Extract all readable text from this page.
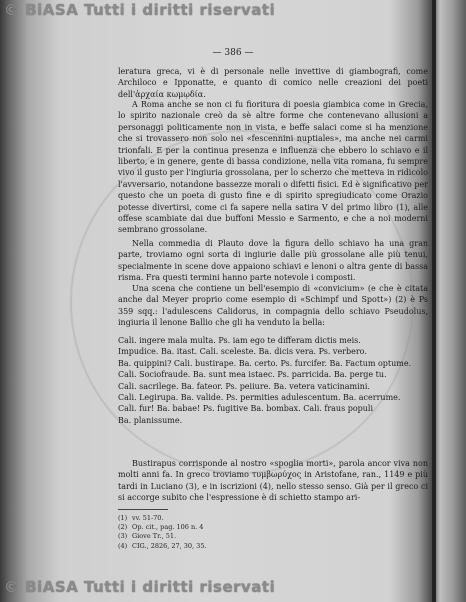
© BiASA Tutti i diritti riservati
— 386 —

leratura greca, vi è di personale nelle invettive di giambografi, come Archiloco e Ipponatte, e quanto di comico nelle creazioni dei poeti dell'ἀρχαία κωμῳδία.

A Roma anche se non ci fu fioritura di poesia giambica come in Grecia, lo spirito nazionale creò da sè altre forme che contenevano allusioni a personaggi politicamente non in vista, e beffe salaci come si ha menzione che si trovassero non solo nei «fescennini nuptiales», ma anche nei carmi trionfali. E per la continua presenza e influenza che ebbero lo schiavo e il liberto, e in genere, gente di bassa condizione, nella vita romana, fu sempre vivo il gusto per l'ingiuria grossolana, per lo scherzo che metteva in ridicolo l'avversario, notandone bassezze morali o difetti fisici. Ed è significativo per questo che un poeta di gusto fine e di spirito spregiudicato come Orazio potesse divertirsi, come ci fa sapere nella satira V del primo libro (1), alle offese scambiate dai due buffoni Messio e Sarmento, e che a noi moderni sembrano grossolane.

Nella commedia di Plauto dove la figura dello schiavo ha una gran parte, troviamo ogni sorta di ingiurie dalle più grossolane alle più tenui, specialmente in scene dove appaiono schiavi e lenoni o altra gente di bassa risma. Fra questi termini hanno parte notevole i composti.

Una scena che contiene un bell'esempio di «convicium» (e che è citata anche dal Meyer proprio come esempio di «Schimpf und Spott») (2) è Ps 359 sqq.: l'adulescens Calidorus, in compagnia dello schiavo Pseudolus, ingiuria il lenone Ballio che gli ha venduto la bella:

Cali. ingere mala multa. Ps. iam ego te differam dictis meis.
Impudice. Ba. itast. Cali. sceleste. Ba. dicis vera. Ps. verbero.
Ba. quippini? Cali. bustirape. Ba. certo. Ps. furcifer. Ba. Factum optume.
Cali. Sociofraude. Ba. sunt mea istaec. Ps. parricida. Ba. perge tu.
Cali. sacrilege. Ba. fateor. Ps. peiiure. Ba. vetera vaticinamini.
Cali. Legirupa. Ba. valide. Ps. permities adulescentum. Ba. acerrume.
Cali. fur! Ba. babae! Ps. fugitive Ba. bombax. Cali. fraus populi
Ba. planissume.

Bustirapus corrisponde al nostro «spoglia morti», parola ancor viva non molti anni fa. In greco troviamo τυμβωρύχος in Aristofane, ran., 1149 e più tardi in Luciano (3), e in iscrizioni (4), nello stesso senso. Già per il greco ci si accorge subito che l'espressione è di schietto stampo ari-

(1) vv. 51-70.
(2) Op. cit., pag. 106 n. 4
(3) Giove Tr., 51.
(4) CIG., 2826, 27, 30, 35.
© BiASA Tutti i diritti riservati
